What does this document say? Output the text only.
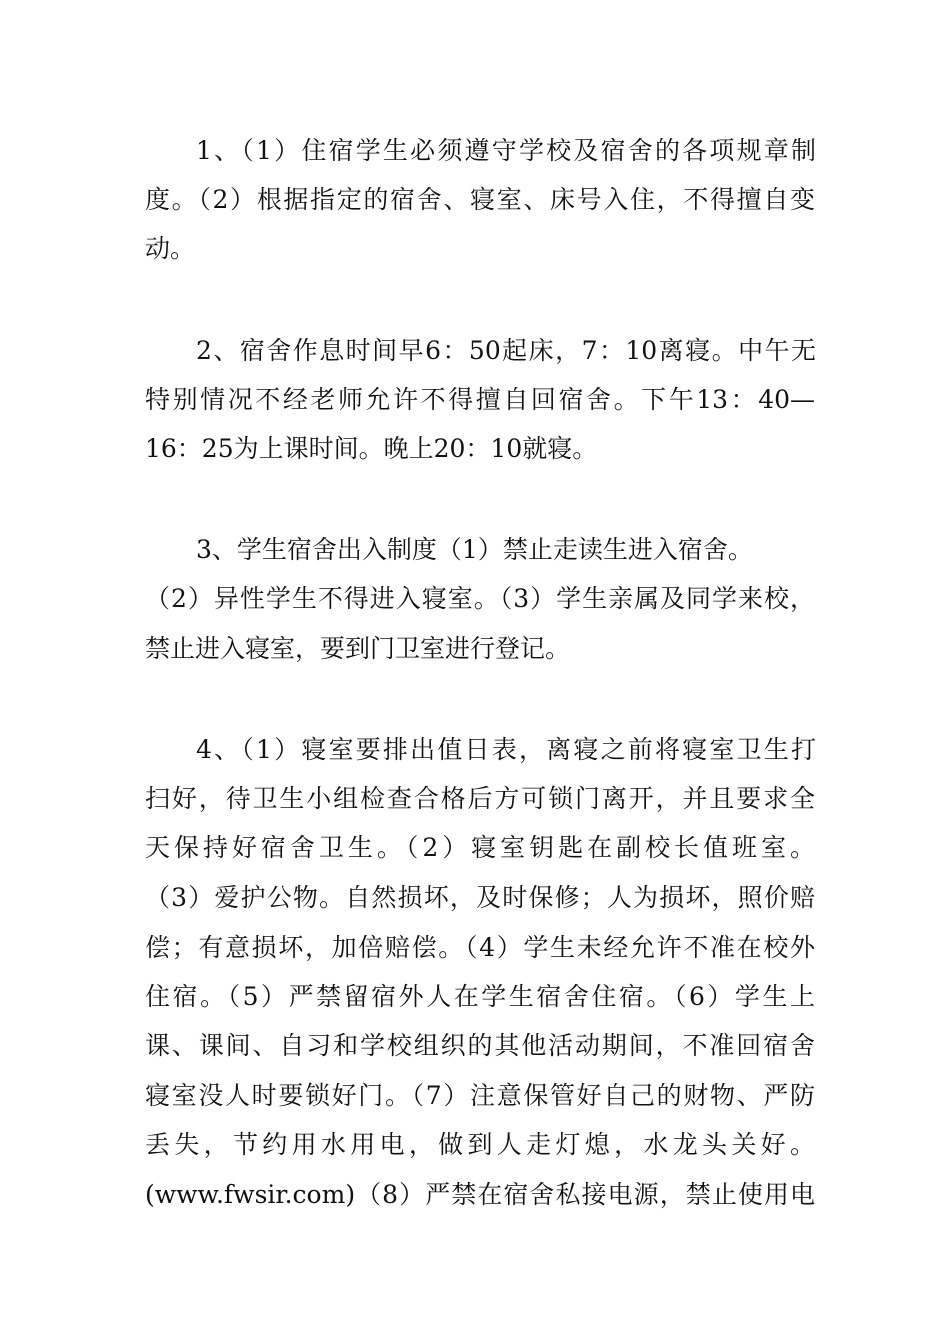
1、（1）住宿学生必须遵守学校及宿舍的各项规章制
度。（2）根据指定的宿舍、寝室、床号入住，不得擅自变
动。
2、宿舍作息时间早6：50起床，7：10离寝。中午无
特别情况不经老师允许不得擅自回宿舍。下午13：40—
16：25为上课时间。晚上20：10就寝。
3、学生宿舍出入制度（1）禁止走读生进入宿舍。
（2）异性学生不得进入寝室。（3）学生亲属及同学来校，
禁止进入寝室，要到门卫室进行登记。
4、（1）寝室要排出值日表，离寝之前将寝室卫生打
扫好，待卫生小组检查合格后方可锁门离开，并且要求全
天保持好宿舍卫生。（2）寝室钥匙在副校长值班室。
（3）爱护公物。自然损坏，及时保修；人为损坏，照价赔
偿；有意损坏，加倍赔偿。（4）学生未经允许不准在校外
住宿。（5）严禁留宿外人在学生宿舍住宿。（6）学生上
课、课间、自习和学校组织的其他活动期间，不准回宿舍
寝室没人时要锁好门。（7）注意保管好自己的财物、严防
丢失，节约用水用电，做到人走灯熄，水龙头关好。
(www.fwsir.com)（8）严禁在宿舍私接电源，禁止使用电
